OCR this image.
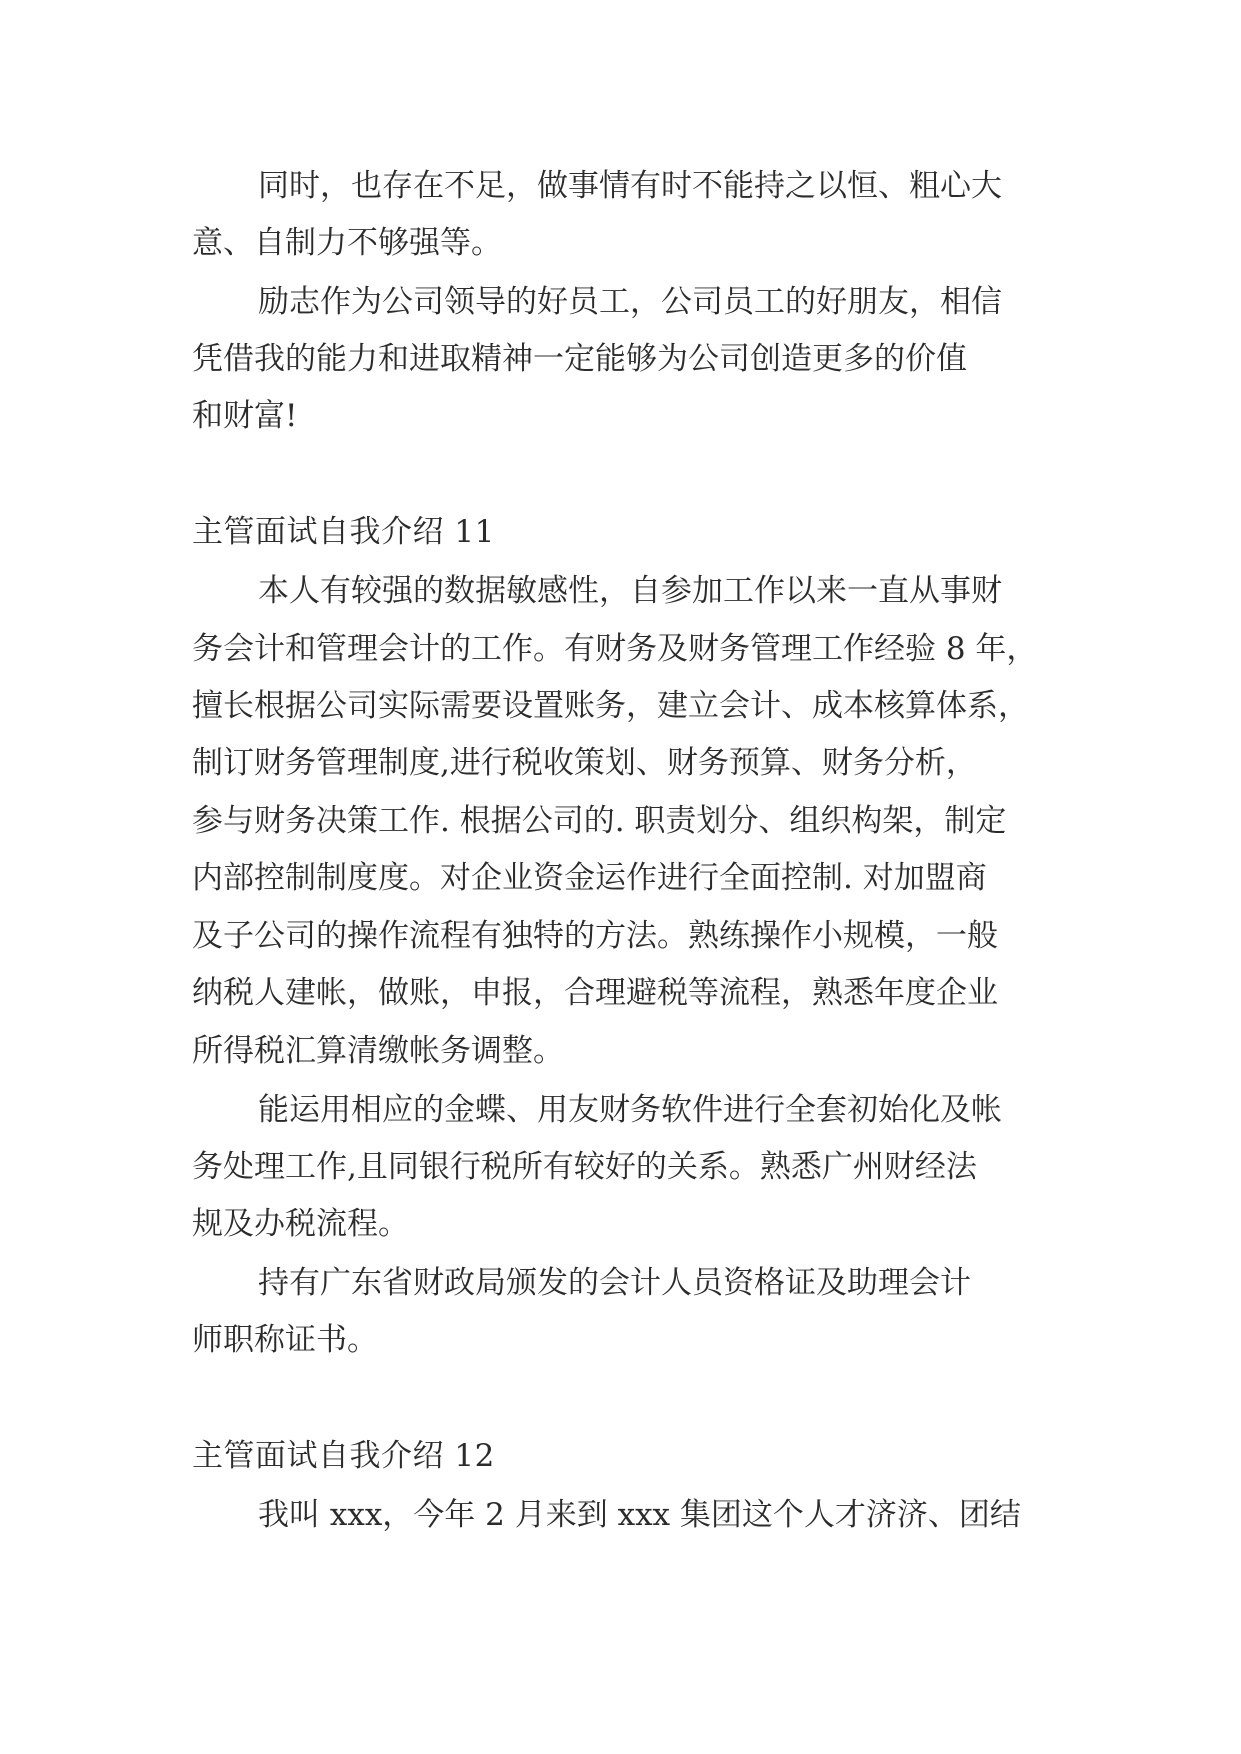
同时，也存在不足，做事情有时不能持之以恒、粗心大
意、自制力不够强等。
励志作为公司领导的好员工，公司员工的好朋友，相信
凭借我的能力和进取精神一定能够为公司创造更多的价值
和财富!
主管面试自我介绍 11
本人有较强的数据敏感性，自参加工作以来一直从事财
务会计和管理会计的工作。有财务及财务管理工作经验 8 年，
擅长根据公司实际需要设置账务，建立会计、成本核算体系，
制订财务管理制度,进行税收策划、财务预算、财务分析，
参与财务决策工作. 根据公司的. 职责划分、组织构架，制定
内部控制制度度。对企业资金运作进行全面控制. 对加盟商
及子公司的操作流程有独特的方法。熟练操作小规模，一般
纳税人建帐，做账，申报，合理避税等流程，熟悉年度企业
所得税汇算清缴帐务调整。
能运用相应的金蝶、用友财务软件进行全套初始化及帐
务处理工作,且同银行税所有较好的关系。熟悉广州财经法
规及办税流程。
持有广东省财政局颁发的会计人员资格证及助理会计
师职称证书。
主管面试自我介绍 12
我叫 xxx，今年 2 月来到 xxx 集团这个人才济济、团结
